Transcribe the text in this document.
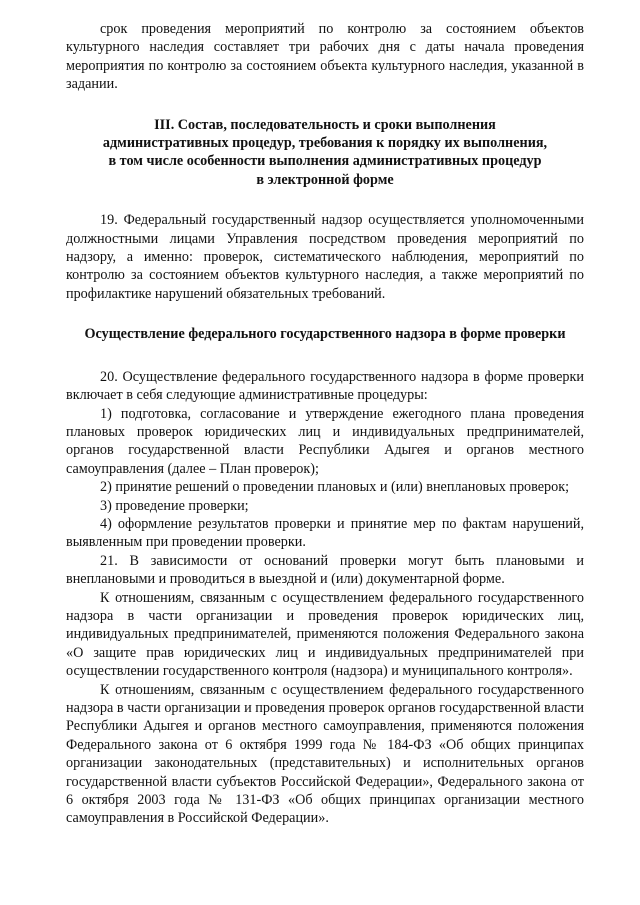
срок проведения мероприятий по контролю за состоянием объектов культурного наследия составляет три рабочих дня с даты начала проведения мероприятия по контролю за состоянием объекта культурного наследия, указанной в задании.

III. Состав, последовательность и сроки выполнения
административных процедур, требования к порядку их выполнения,
в том числе особенности выполнения административных процедур
в электронной форме

19. Федеральный государственный надзор осуществляется уполномоченными должностными лицами Управления посредством проведения мероприятий по надзору, а именно: проверок, систематического наблюдения, мероприятий по контролю за состоянием объектов культурного наследия, а также мероприятий по профилактике нарушений обязательных требований.

Осуществление федерального государственного надзора в форме проверки

20. Осуществление федерального государственного надзора в форме проверки включает в себя следующие административные процедуры:

1) подготовка, согласование и утверждение ежегодного плана проведения плановых проверок юридических лиц и индивидуальных предпринимателей, органов государственной власти Республики Адыгея и органов местного самоуправления (далее – План проверок);

2) принятие решений о проведении плановых и (или) внеплановых проверок;

3) проведение проверки;

4) оформление результатов проверки и принятие мер по фактам нарушений, выявленным при проведении проверки.

21. В зависимости от оснований проверки могут быть плановыми и внеплановыми и проводиться в выездной и (или) документарной форме.

К отношениям, связанным с осуществлением федерального государственного надзора в части организации и проведения проверок юридических лиц, индивидуальных предпринимателей, применяются положения Федерального закона «О защите прав юридических лиц и индивидуальных предпринимателей при осуществлении государственного контроля (надзора) и муниципального контроля».

К отношениям, связанным с осуществлением федерального государственного надзора в части организации и проведения проверок органов государственной власти Республики Адыгея и органов местного самоуправления, применяются положения Федерального закона от 6 октября 1999 года № 184-ФЗ «Об общих принципах организации законодательных (представительных) и исполнительных органов государственной власти субъектов Российской Федерации», Федерального закона от 6 октября 2003 года № 131-ФЗ «Об общих принципах организации местного самоуправления в Российской Федерации».
